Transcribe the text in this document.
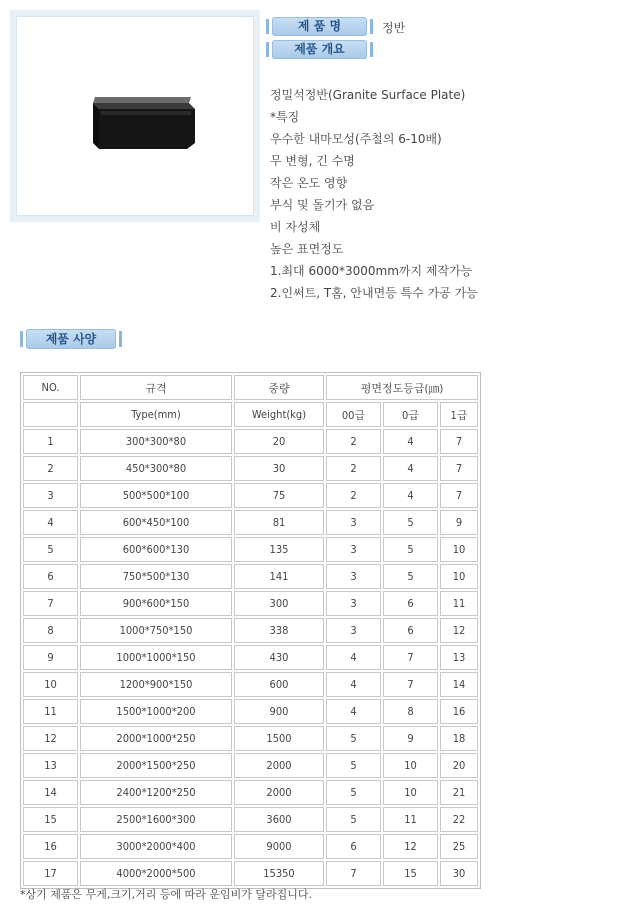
제 품 명	정반
제품 개요
정밀석정반(Granite Surface Plate)
*특징
우수한 내마모성(주철의 6-10배)
무 변형, 긴 수명
작은 온도 영향
부식 및 돌기가 없음
비 자성체
높은 표면정도
1.최대 6000*3000mm까지 제작가능
2.인써트, T홈, 안내면등 특수 가공 가능
제품 사양
NO.	규격	중량	평면정도등급(㎛)		
	Type(mm)	Weight(kg)	00급	0급	1급
1	300*300*80	20	2	4	7
2	450*300*80	30	2	4	7
3	500*500*100	75	2	4	7
4	600*450*100	81	3	5	9
5	600*600*130	135	3	5	10
6	750*500*130	141	3	5	10
7	900*600*150	300	3	6	11
8	1000*750*150	338	3	6	12
9	1000*1000*150	430	4	7	13
10	1200*900*150	600	4	7	14
11	1500*1000*200	900	4	8	16
12	2000*1000*250	1500	5	9	18
13	2000*1500*250	2000	5	10	20
14	2400*1200*250	2000	5	10	21
15	2500*1600*300	3600	5	11	22
16	3000*2000*400	9000	6	12	25
17	4000*2000*500	15350	7	15	30
*상기 제품은 무게,크기,거리 등에 따라 운임비가 달라집니다.
